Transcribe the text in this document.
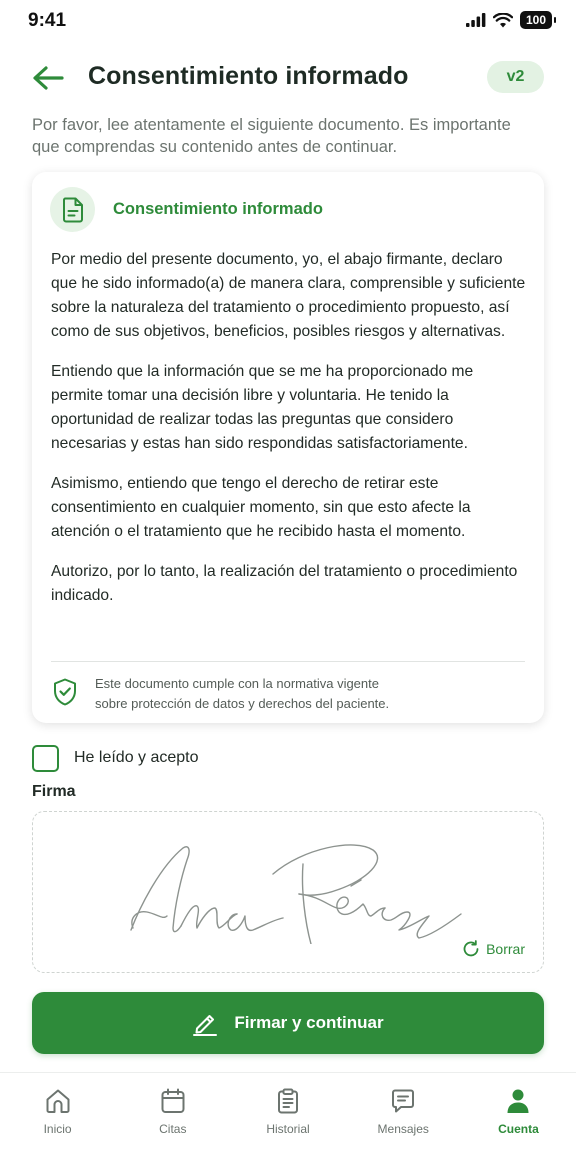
9:41	100
Consentimiento informado	v2

Por favor, lee atentamente el siguiente documento. Es importante que comprendas su contenido antes de continuar.

Consentimiento informado

Por medio del presente documento, yo, el abajo firmante, declaro que he sido informado(a) de manera clara, comprensible y suficiente sobre la naturaleza del tratamiento o procedimiento propuesto, así como de sus objetivos, beneficios, posibles riesgos y alternativas.

Entiendo que la información que se me ha proporcionado me permite tomar una decisión libre y voluntaria. He tenido la oportunidad de realizar todas las preguntas que considero necesarias y estas han sido respondidas satisfactoriamente.

Asimismo, entiendo que tengo el derecho de retirar este consentimiento en cualquier momento, sin que esto afecte la atención o el tratamiento que he recibido hasta el momento.

Autorizo, por lo tanto, la realización del tratamiento o procedimiento indicado.

Este documento cumple con la normativa vigente
sobre protección de datos y derechos del paciente.
He leído y acepto
Firma
Borrar
Firmar y continuar
Inicio	Citas	Historial	Mensajes	Cuenta
